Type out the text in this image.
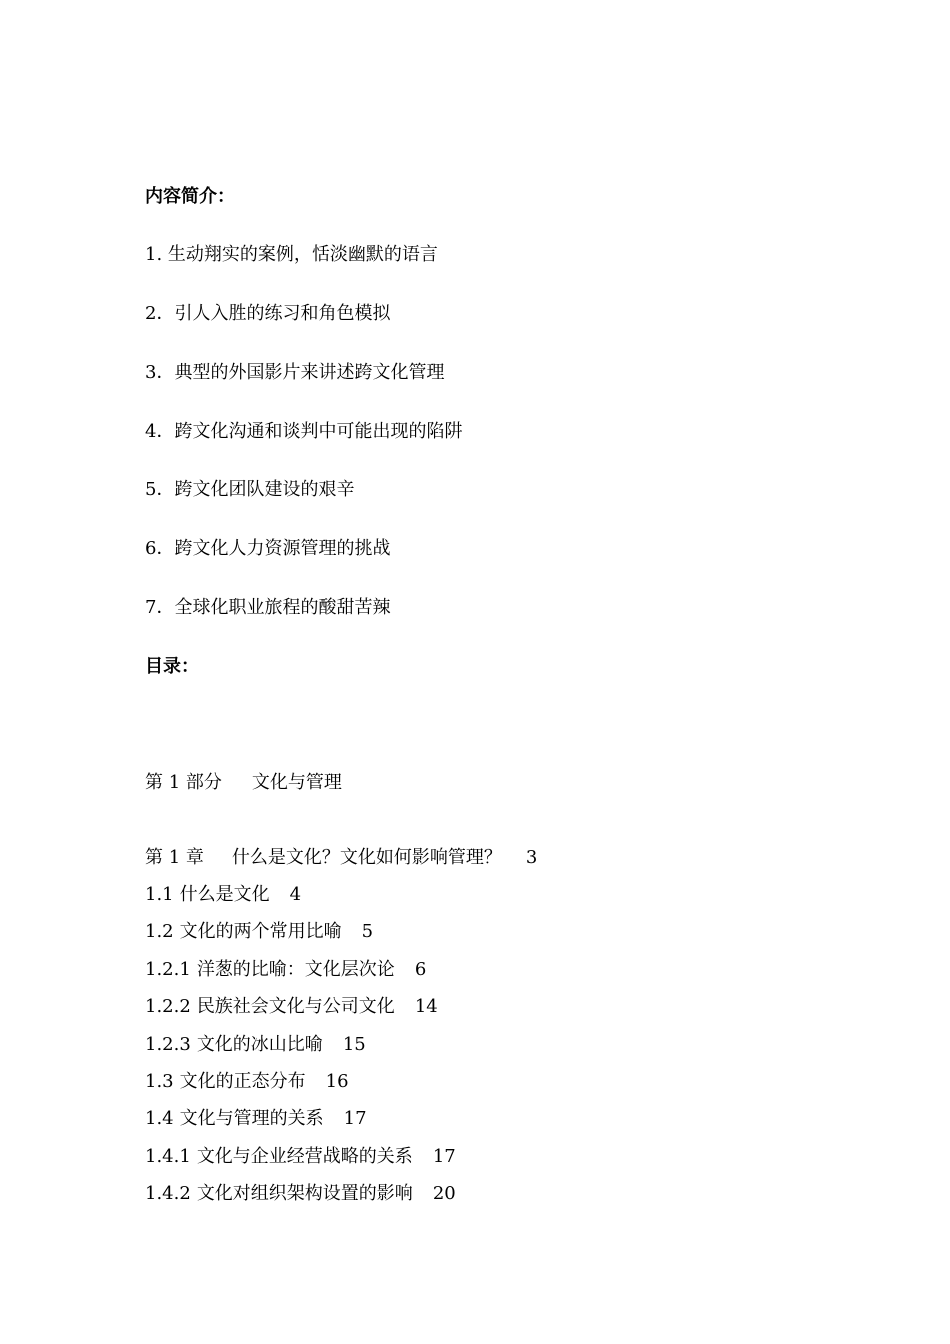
内容简介：
1. 生动翔实的案例，恬淡幽默的语言
2．引人入胜的练习和角色模拟
3．典型的外国影片来讲述跨文化管理
4．跨文化沟通和谈判中可能出现的陷阱
5．跨文化团队建设的艰辛
6．跨文化人力资源管理的挑战
7．全球化职业旅程的酸甜苦辣
目录：
第 1 部分 文化与管理
第 1 章 什么是文化？文化如何影响管理？ 3
1.1 什么是文化 4
1.2 文化的两个常用比喻 5
1.2.1 洋葱的比喻：文化层次论 6
1.2.2 民族社会文化与公司文化 14
1.2.3 文化的冰山比喻 15
1.3 文化的正态分布 16
1.4 文化与管理的关系 17
1.4.1 文化与企业经营战略的关系 17
1.4.2 文化对组织架构设置的影响 20
